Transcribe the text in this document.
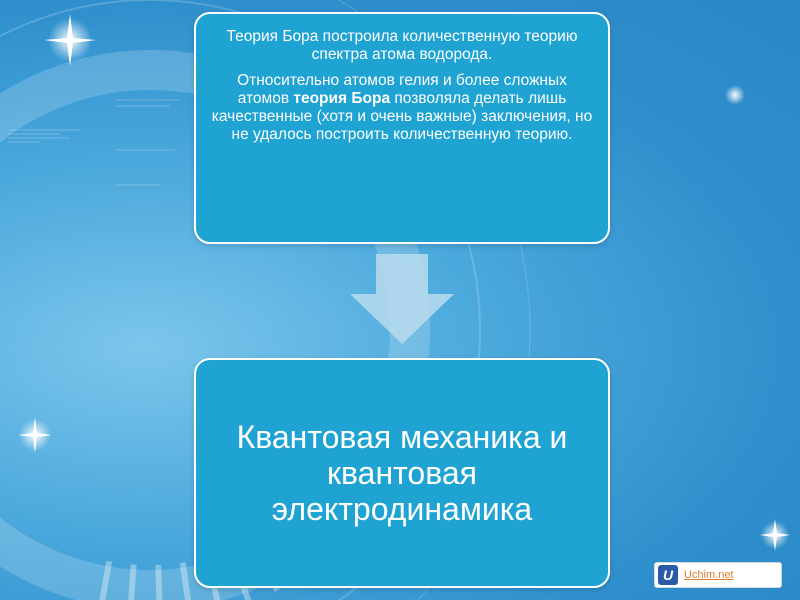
Теория Бора построила количественную теорию спектра атома водорода.

Относительно атомов гелия и более сложных атомов теория Бора позволяла делать лишь качественные (хотя и очень важные) заключения, но не удалось построить количественную теорию.

Квантовая механика и квантовая электродинамика
U Uchim.net
